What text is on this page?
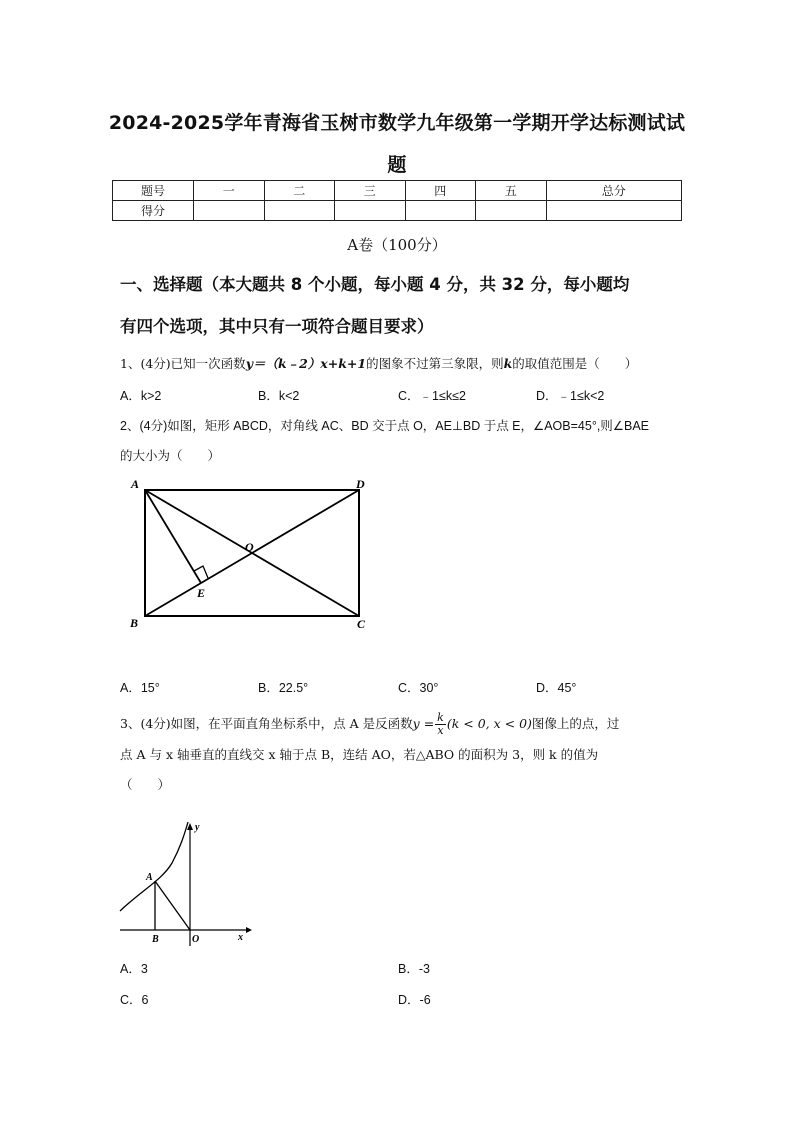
2024-2025学年青海省玉树市数学九年级第一学期开学达标测试试
题
题号	一	二	三	四	五	总分
得分						
A卷（100分）
一、选择题（本大题共 8 个小题，每小题 4 分，共 32 分，每小题均
有四个选项，其中只有一项符合题目要求）
1、(4分)已知一次函数y＝（k﹣2）x+k+1的图象不过第三象限，则k的取值范围是（　　）
A．k>2	B．k<2	C．﹣1≤k≤2	D．﹣1≤k<2
2、(4分)如图，矩形 ABCD，对角线 AC、BD 交于点 O，AE⊥BD 于点 E，∠AOB=45°,则∠BAE
的大小为（　　）
A	D
B	C
O
E
A．15°	B．22.5°	C．30°	D．45°
3、(4分)如图，在平面直角坐标系中，点 A 是反函数$y = \frac{k}{x} (k < 0$, x < 0)图像上的点，过
点 A 与 x 轴垂直的直线交 x 轴于点 B，连结 AO，若△ABO 的面积为 3，则 k 的值为
（　　）
y
x
A
B	O
A．3	B．-3
C．6	D．-6
